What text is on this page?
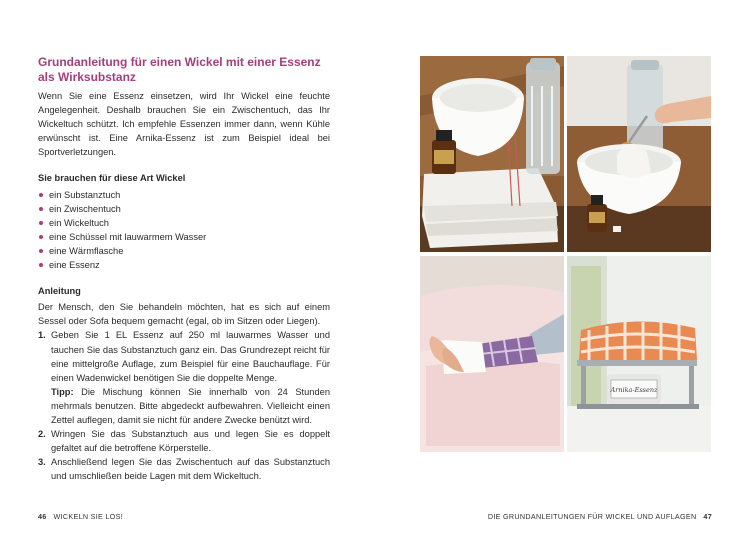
Grundanleitung für einen Wickel mit einer Essenz
als Wirksubstanz

Wenn Sie eine Essenz einsetzen, wird Ihr Wickel eine feuchte Angelegenheit. Deshalb brauchen Sie ein Zwischentuch, das Ihr Wickeltuch schützt. Ich empfehle Essenzen immer dann, wenn Kühle erwünscht ist. Eine Arnika-Essenz ist zum Beispiel ideal bei Sportverletzungen.

Sie brauchen für diese Art Wickel
ein Substanztuch
ein Zwischentuch
ein Wickeltuch
eine Schüssel mit lauwarmem Wasser
eine Wärmflasche
eine Essenz
Anleitung

Der Mensch, den Sie behandeln möchten, hat es sich auf einem Sessel oder Sofa bequem gemacht (egal, ob im Sitzen oder Liegen).

1. Geben Sie 1 EL Essenz auf 250 ml lauwarmes Wasser und tauchen Sie das Substanztuch ganz ein. Das Grundrezept reicht für eine mittelgroße Auflage, zum Beispiel für eine Bauchauflage. Für einen Wadenwickel benötigen Sie die doppelte Menge.
Tipp: Die Mischung können Sie innerhalb von 24 Stunden mehrmals benutzen. Bitte abgedeckt aufbewahren. Vielleicht einen Zettel auflegen, damit sie nicht für andere Zwecke benützt wird.
2. Wringen Sie das Substanztuch aus und legen Sie es doppelt gefaltet auf die betroffene Körperstelle.
3. Anschließend legen Sie das Zwischentuch auf das Substanztuch und umschließen beide Lagen mit dem Wickeltuch.
Arnika-Essenz
46 WICKELN SIE LOS!	DIE GRUNDANLEITUNGEN FÜR WICKEL UND AUFLAGEN 47
